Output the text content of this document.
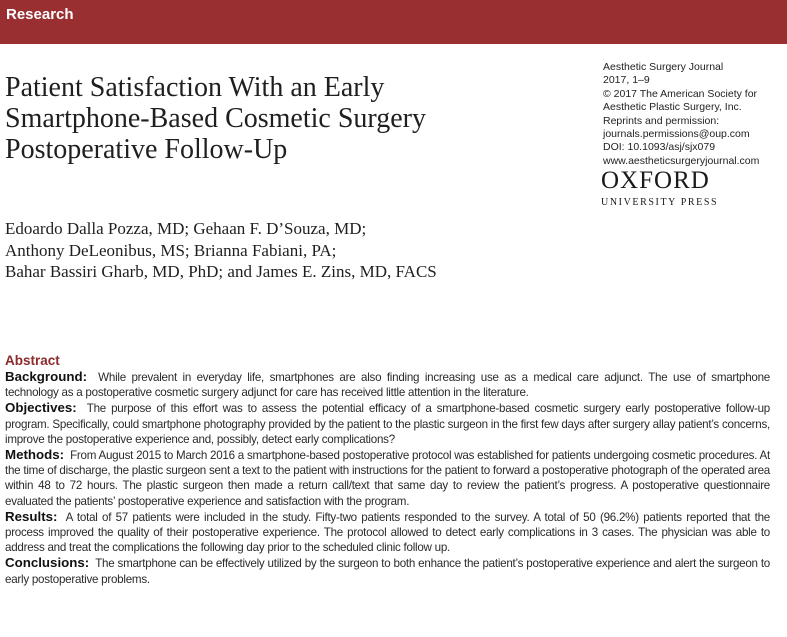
Research
Patient Satisfaction With an Early
Smartphone-Based Cosmetic Surgery
Postoperative Follow-Up
Aesthetic Surgery Journal
2017, 1–9
© 2017 The American Society for
Aesthetic Plastic Surgery, Inc.
Reprints and permission:
journals.permissions@oup.com
DOI: 10.1093/asj/sjx079
www.aestheticsurgeryjournal.com
OXFORD
UNIVERSITY PRESS
Edoardo Dalla Pozza, MD; Gehaan F. D’Souza, MD;
Anthony DeLeonibus, MS; Brianna Fabiani, PA;
Bahar Bassiri Gharb, MD, PhD; and James E. Zins, MD, FACS
Abstract
Background: While prevalent in everyday life, smartphones are also finding increasing use as a medical care adjunct. The use of smartphone technology as a postoperative cosmetic surgery adjunct for care has received little attention in the literature.
Objectives: The purpose of this effort was to assess the potential efficacy of a smartphone-based cosmetic surgery early postoperative follow-up program. Specifically, could smartphone photography provided by the patient to the plastic surgeon in the first few days after surgery allay patient’s concerns, improve the postoperative experience and, possibly, detect early complications?
Methods: From August 2015 to March 2016 a smartphone-based postoperative protocol was established for patients undergoing cosmetic procedures. At the time of discharge, the plastic surgeon sent a text to the patient with instructions for the patient to forward a postoperative photograph of the operated area within 48 to 72 hours. The plastic surgeon then made a return call/text that same day to review the patient’s progress. A postoperative questionnaire evaluated the patients’ postoperative experience and satisfaction with the program.
Results: A total of 57 patients were included in the study. Fifty-two patients responded to the survey. A total of 50 (96.2%) patients reported that the process improved the quality of their postoperative experience. The protocol allowed to detect early complications in 3 cases. The physician was able to address and treat the complications the following day prior to the scheduled clinic follow up.
Conclusions: The smartphone can be effectively utilized by the surgeon to both enhance the patient’s postoperative experience and alert the surgeon to early postoperative problems.
